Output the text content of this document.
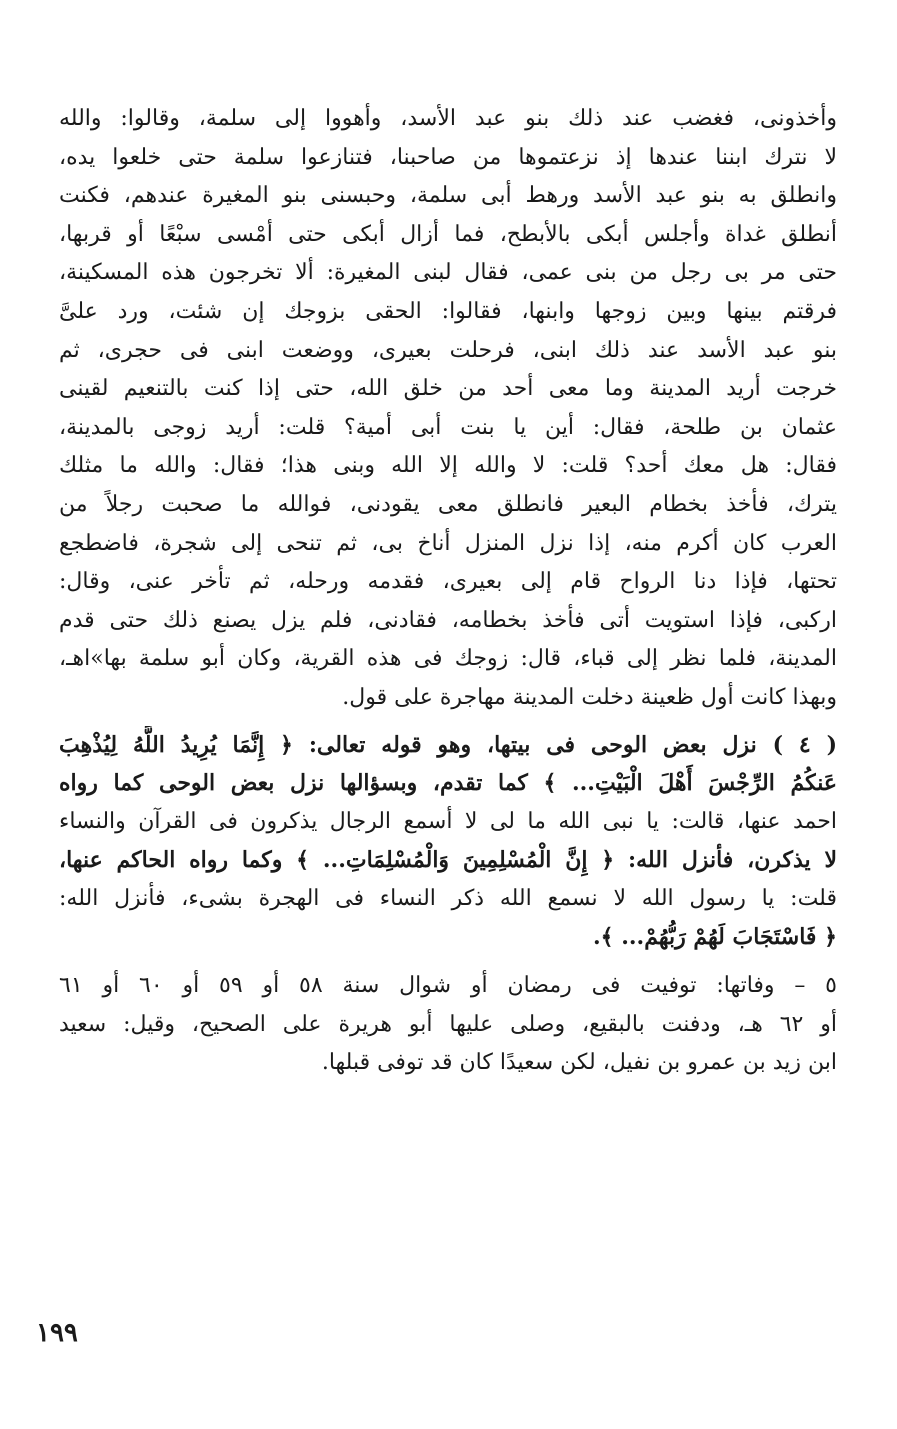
وأخذونى، فغضب عند ذلك بنو عبد الأسد، وأهووا إلى سلمة، وقالوا: والله
لا نترك ابننا عندها إذ نزعتموها من صاحبنا، فتنازعوا سلمة حتى خلعوا يده،
وانطلق به بنو عبد الأسد ورهط أبى سلمة، وحبسنى بنو المغيرة عندهم، فكنت
أنطلق غداة وأجلس أبكى بالأبطح، فما أزال أبكى حتى أمْسى سبْعًا أو قربها،
حتى مر بى رجل من بنى عمى، فقال لبنى المغيرة: ألا تخرجون هذه المسكينة،
فرقتم بينها وبين زوجها وابنها، فقالوا: الحقى بزوجك إن شئت، ورد علىَّ
بنو عبد الأسد عند ذلك ابنى، فرحلت بعيرى، ووضعت ابنى فى حجرى، ثم
خرجت أريد المدينة وما معى أحد من خلق الله، حتى إذا كنت بالتنعيم لقينى
عثمان بن طلحة، فقال: أين يا بنت أبى أمية؟ قلت: أريد زوجى بالمدينة،
فقال: هل معك أحد؟ قلت: لا والله إلا الله وبنى هذا؛ فقال: والله ما مثلك
يترك، فأخذ بخطام البعير فانطلق معى يقودنى، فوالله ما صحبت رجلاً من
العرب كان أكرم منه، إذا نزل المنزل أناخ بى، ثم تنحى إلى شجرة، فاضطجع
تحتها، فإذا دنا الرواح قام إلى بعيرى، فقدمه ورحله، ثم تأخر عنى، وقال:
اركبى، فإذا استويت أتى فأخذ بخطامه، فقادنى، فلم يزل يصنع ذلك حتى قدم
المدينة، فلما نظر إلى قباء، قال: زوجك فى هذه القرية، وكان أبو سلمة بها»اهـ،
وبهذا كانت أول ظعينة دخلت المدينة مهاجرة على قول.
( ٤ ) نزل بعض الوحى فى بيتها، وهو قوله تعالى: ﴿ إِنَّمَا يُرِيدُ اللَّهُ لِيُذْهِبَ
عَنكُمُ الرِّجْسَ أَهْلَ الْبَيْتِ... ﴾ كما تقدم، وبسؤالها نزل بعض الوحى كما رواه
احمد عنها، قالت: يا نبى الله ما لى لا أسمع الرجال يذكرون فى القرآن والنساء
لا يذكرن، فأنزل الله: ﴿ إِنَّ الْمُسْلِمِينَ وَالْمُسْلِمَاتِ... ﴾ وكما رواه الحاكم عنها،
قلت: يا رسول الله لا نسمع الله ذكر النساء فى الهجرة بشىء، فأنزل الله:
﴿ فَاسْتَجَابَ لَهُمْ رَبُّهُمْ... ﴾.
٥ – وفاتها: توفيت فى رمضان أو شوال سنة ٥٨ أو ٥٩ أو ٦٠ أو ٦١
أو ٦٢ هـ، ودفنت بالبقيع، وصلى عليها أبو هريرة على الصحيح، وقيل: سعيد
ابن زيد بن عمرو بن نفيل، لكن سعيدًا كان قد توفى قبلها.
١٩٩
